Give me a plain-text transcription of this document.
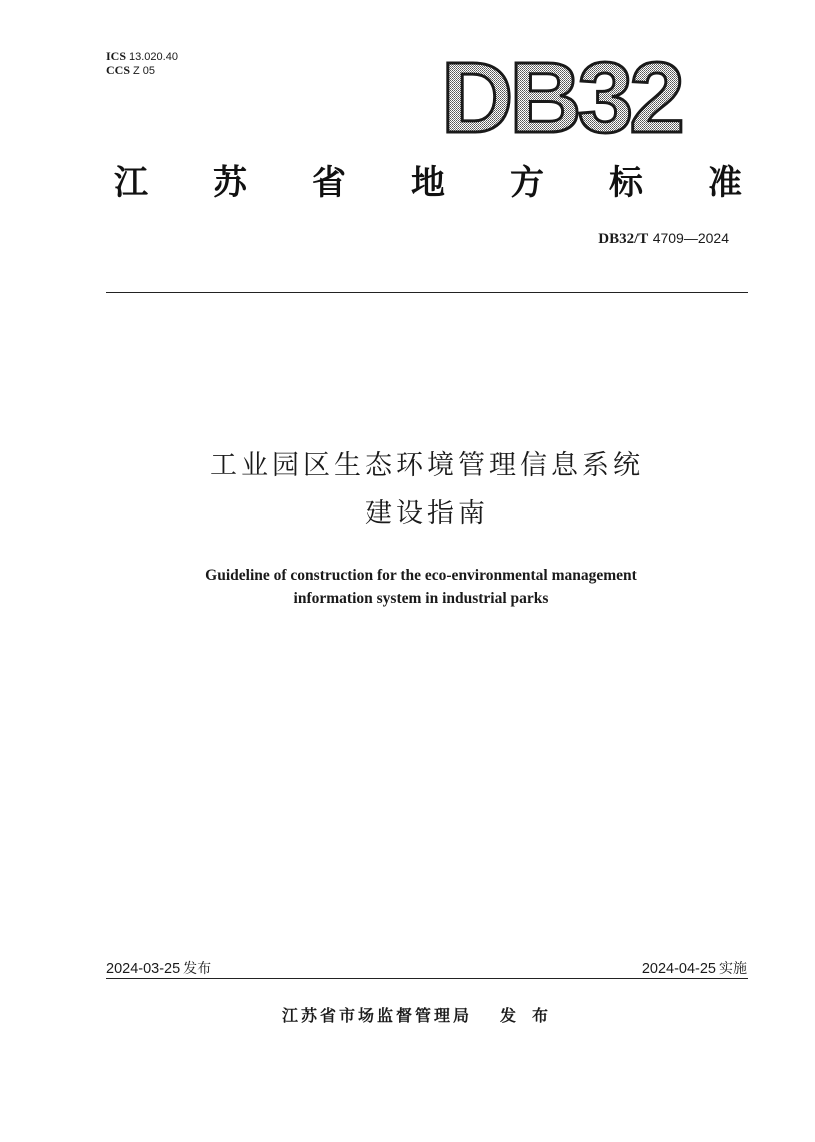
ICS 13.020.40
CCS Z 05	DB32
江 苏 省 地 方 标 准
DB32/T 4709—2024
工业园区生态环境管理信息系统
建设指南
Guideline of construction for the eco-environmental management
information system in industrial parks
2024-03-25 发布	2024-04-25 实施
江苏省市场监督管理局 发布
